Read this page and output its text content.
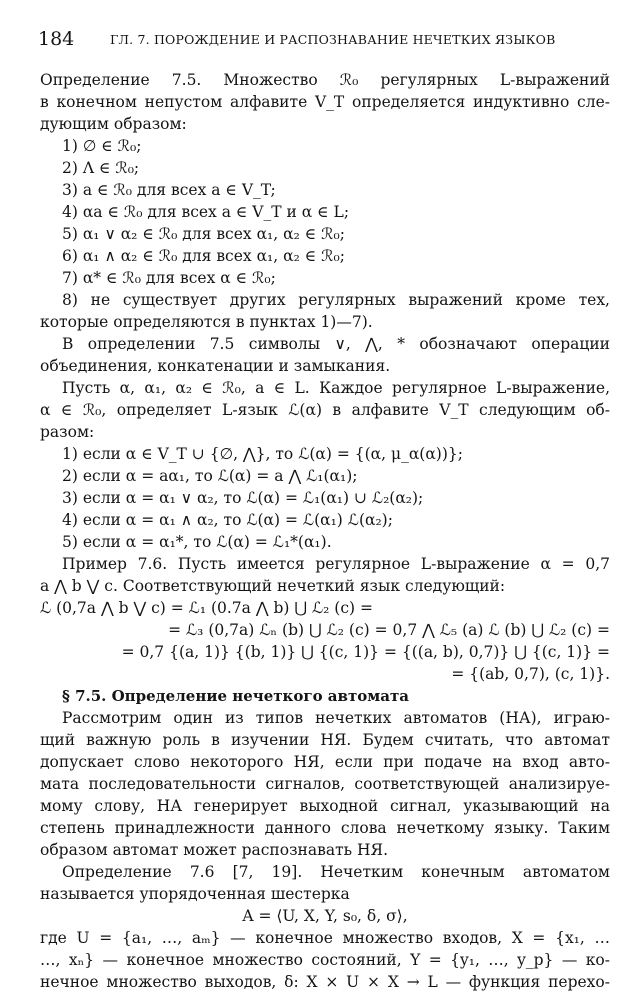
184	ГЛ. 7. ПОРОЖДЕНИЕ И РАСПОЗНАВАНИЕ НЕЧЕТКИХ ЯЗЫКОВ
Определение 7.5. Множество ℛ₀ регулярных L-выражений
в конечном непустом алфавите V_T определяется индуктивно сле-
дующим образом:
1) ∅ ∈ ℛ₀;
2) Λ ∈ ℛ₀;
3) a ∈ ℛ₀ для всех a ∈ V_T;
4) αa ∈ ℛ₀ для всех a ∈ V_T и α ∈ L;
5) α₁ ∨ α₂ ∈ ℛ₀ для всех α₁, α₂ ∈ ℛ₀;
6) α₁ ∧ α₂ ∈ ℛ₀ для всех α₁, α₂ ∈ ℛ₀;
7) α* ∈ ℛ₀ для всех α ∈ ℛ₀;
8) не существует других регулярных выражений кроме тех,
которые определяются в пунктах 1)—7).
В определении 7.5 символы ∨, ⋀, * обозначают операции
объединения, конкатенации и замыкания.
Пусть α, α₁, α₂ ∈ ℛ₀, a ∈ L. Каждое регулярное L-выражение,
α ∈ ℛ₀, определяет L-язык ℒ(α) в алфавите V_T следующим об-
разом:
1) если α ∈ V_T ∪ {∅, ⋀}, то ℒ(α) = {(α, μ_α(α))};
2) если α = aα₁, то ℒ(α) = a ⋀ ℒ₁(α₁);
3) если α = α₁ ∨ α₂, то ℒ(α) = ℒ₁(α₁) ∪ ℒ₂(α₂);
4) если α = α₁ ∧ α₂, то ℒ(α) = ℒ(α₁) ℒ(α₂);
5) если α = α₁*, то ℒ(α) = ℒ₁*(α₁).
Пример 7.6. Пусть имеется регулярное L-выражение α = 0,7
a ⋀ b ⋁ c. Соответствующий нечеткий язык следующий:
ℒ (0,7a ⋀ b ⋁ c) = ℒ₁ (0.7a ⋀ b) ⋃ ℒ₂ (c) =
= ℒ₃ (0,7a) ℒₙ (b) ⋃ ℒ₂ (c) = 0,7 ⋀ ℒ₅ (a) ℒ (b) ⋃ ℒ₂ (c) =
= 0,7 {(a, 1)} {(b, 1)} ⋃ {(c, 1)} = {((a, b), 0,7)} ⋃ {(c, 1)} =
= {(ab, 0,7), (c, 1)}.
§ 7.5. Определение нечеткого автомата
Рассмотрим один из типов нечетких автоматов (НА), играю-
щий важную роль в изучении НЯ. Будем считать, что автомат
допускает слово некоторого НЯ, если при подаче на вход авто-
мата последовательности сигналов, соответствующей анализируе-
мому слову, НА генерирует выходной сигнал, указывающий на
степень принадлежности данного слова нечеткому языку. Таким
образом автомат может распознавать НЯ.
Определение 7.6 [7, 19]. Нечетким конечным автоматом
называется упорядоченная шестерка
A = ⟨U, X, Y, s₀, δ, σ⟩,
где U = {a₁, …, aₘ} — конечное множество входов, X = {x₁, …
…, xₙ} — конечное множество состояний, Y = {y₁, …, y_p} — ко-
нечное множество выходов, δ: X × U × X → L — функция перехо-
